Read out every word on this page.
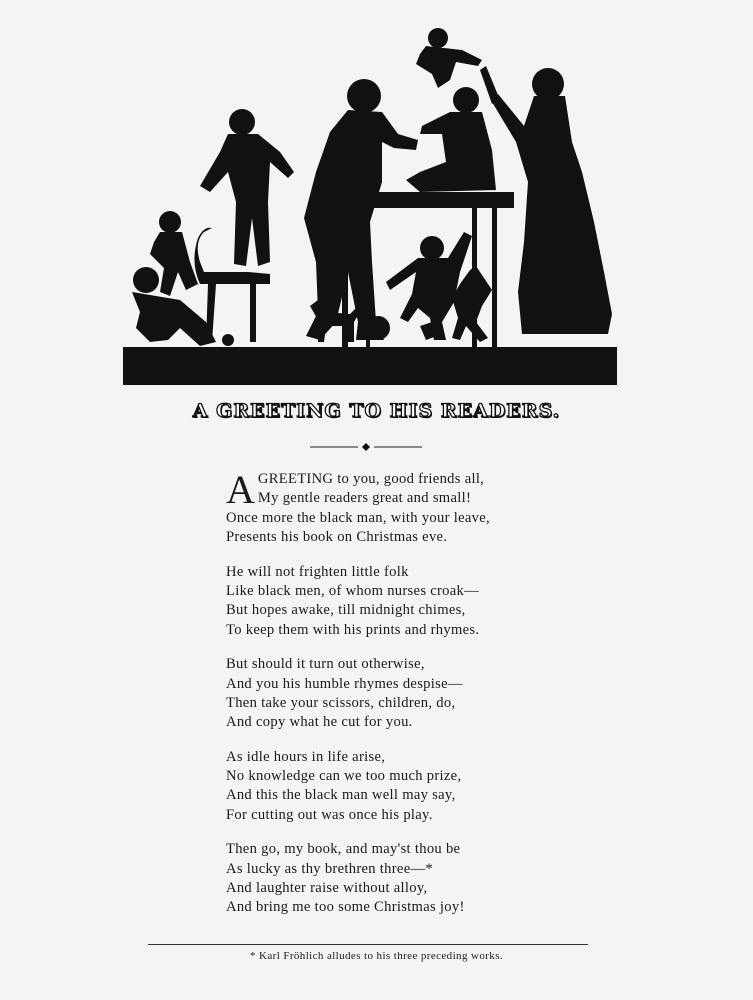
A GREETING TO HIS READERS.
A GREETING to you, good friends all,
My gentle readers great and small!
Once more the black man, with your leave,
Presents his book on Christmas eve.
He will not frighten little folk
Like black men, of whom nurses croak—
But hopes awake, till midnight chimes,
To keep them with his prints and rhymes.
But should it turn out otherwise,
And you his humble rhymes despise—
Then take your scissors, children, do,
And copy what he cut for you.
As idle hours in life arise,
No knowledge can we too much prize,
And this the black man well may say,
For cutting out was once his play.
Then go, my book, and may'st thou be
As lucky as thy brethren three—*
And laughter raise without alloy,
And bring me too some Christmas joy!
* Karl Fröhlich alludes to his three preceding works.
